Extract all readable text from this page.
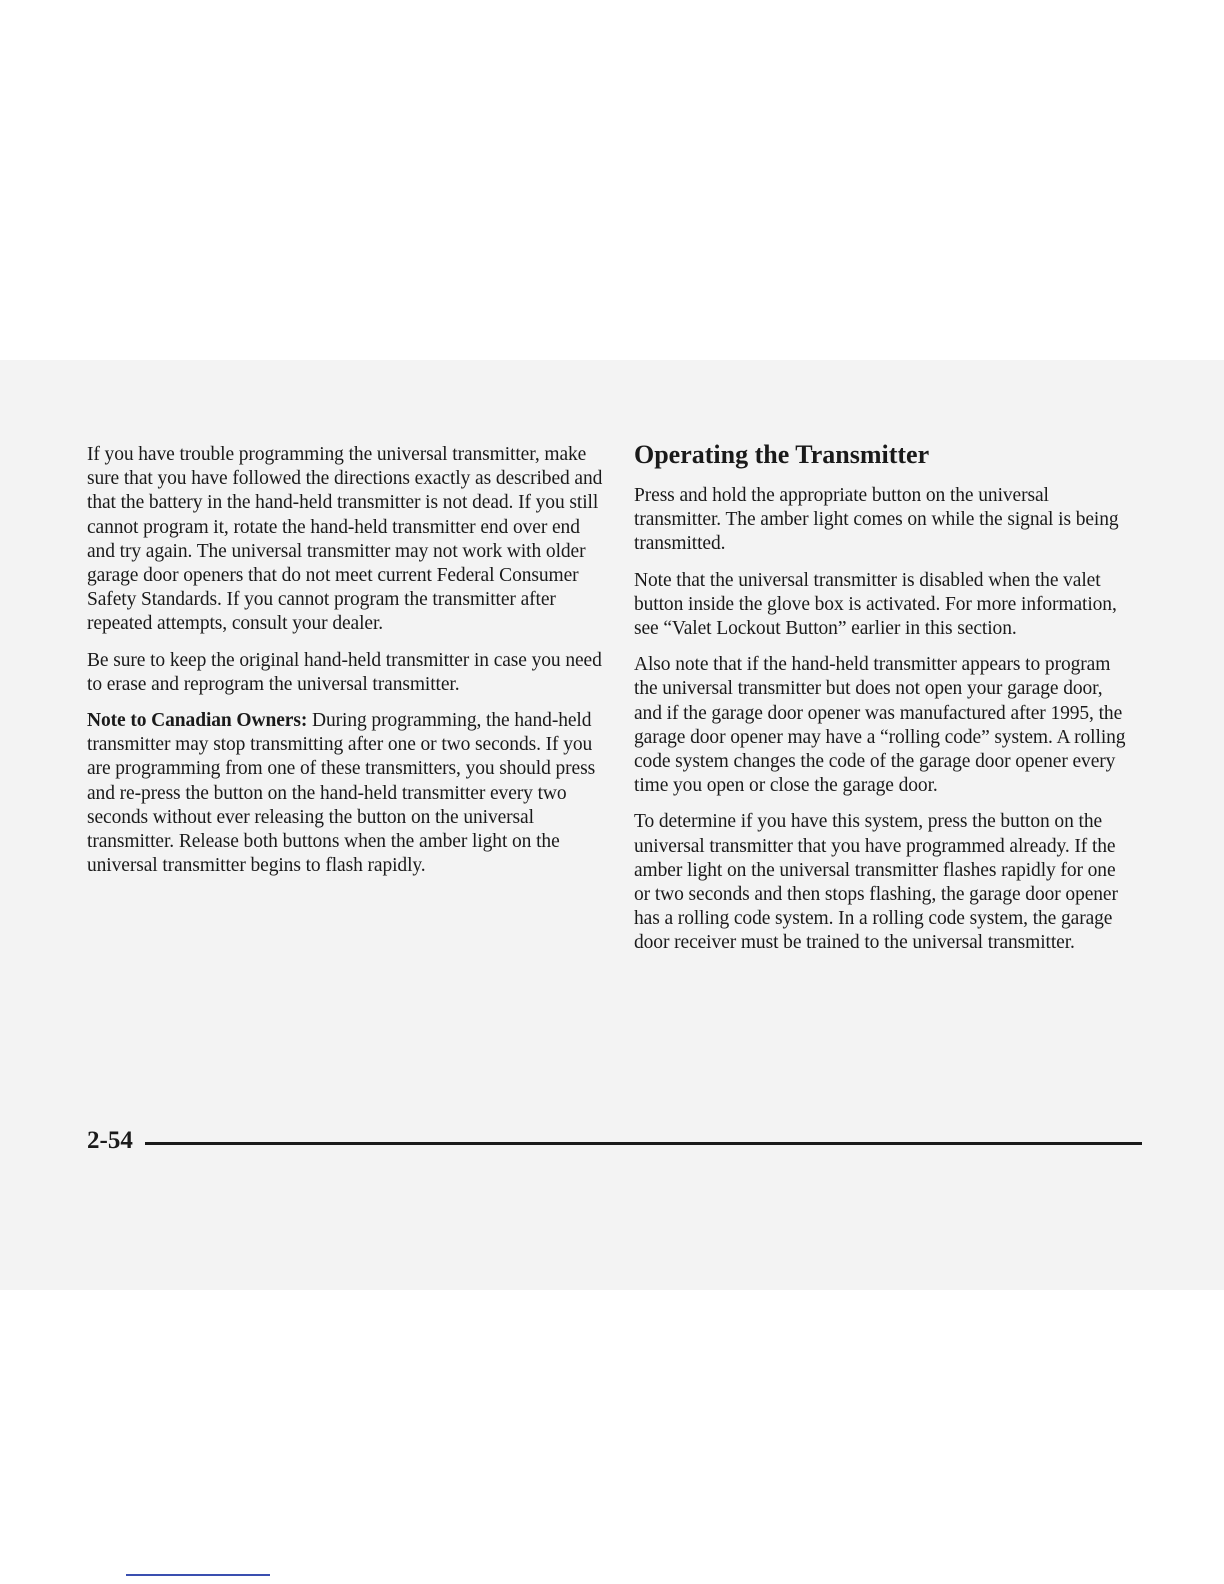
If you have trouble programming the universal transmitter, make sure that you have followed the directions exactly as described and that the battery in the hand-held transmitter is not dead. If you still cannot program it, rotate the hand-held transmitter end over end and try again. The universal transmitter may not work with older garage door openers that do not meet current Federal Consumer Safety Standards. If you cannot program the transmitter after repeated attempts, consult your dealer.

Be sure to keep the original hand-held transmitter in case you need to erase and reprogram the universal transmitter.

Note to Canadian Owners: During programming, the hand-held transmitter may stop transmitting after one or two seconds. If you are programming from one of these transmitters, you should press and re-press the button on the hand-held transmitter every two seconds without ever releasing the button on the universal transmitter. Release both buttons when the amber light on the universal transmitter begins to flash rapidly.

Operating the Transmitter

Press and hold the appropriate button on the universal transmitter. The amber light comes on while the signal is being transmitted.

Note that the universal transmitter is disabled when the valet button inside the glove box is activated. For more information, see “Valet Lockout Button” earlier in this section.

Also note that if the hand-held transmitter appears to program the universal transmitter but does not open your garage door, and if the garage door opener was manufactured after 1995, the garage door opener may have a “rolling code” system. A rolling code system changes the code of the garage door opener every time you open or close the garage door.

To determine if you have this system, press the button on the universal transmitter that you have programmed already. If the amber light on the universal transmitter flashes rapidly for one or two seconds and then stops flashing, the garage door opener has a rolling code system. In a rolling code system, the garage door receiver must be trained to the universal transmitter.

2-54
